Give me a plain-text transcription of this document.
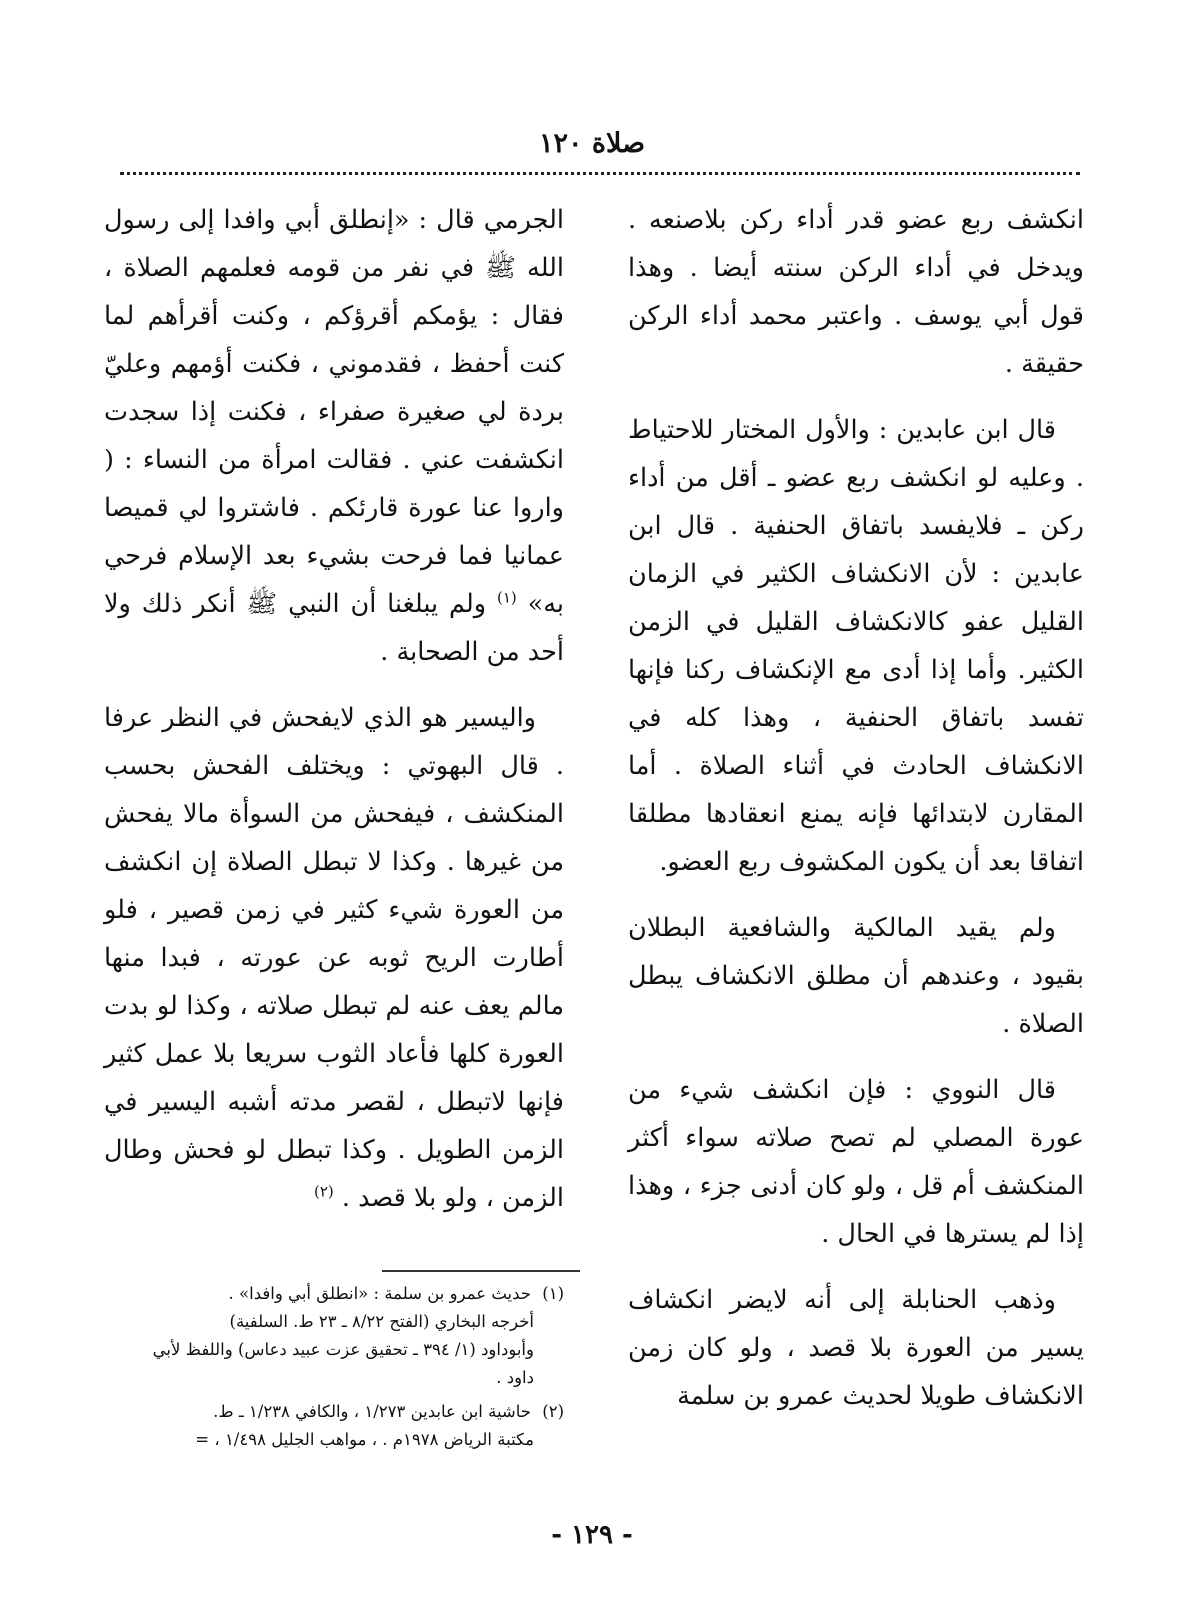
صلاة ١٢٠

انكشف ربع عضو قدر أداء ركن بلاصنعه . ويدخل في أداء الركن سنته أيضا . وهذا قول أبي يوسف . واعتبر محمد أداء الركن حقيقة .

قال ابن عابدين : والأول المختار للاحتياط . وعليه لو انكشف ربع عضو ـ أقل من أداء ركن ـ فلايفسد باتفاق الحنفية . قال ابن عابدين : لأن الانكشاف الكثير في الزمان القليل عفو كالانكشاف القليل في الزمن الكثير. وأما إذا أدى مع الإنكشاف ركنا فإنها تفسد باتفاق الحنفية ، وهذا كله في الانكشاف الحادث في أثناء الصلاة . أما المقارن لابتدائها فإنه يمنع انعقادها مطلقا اتفاقا بعد أن يكون المكشوف ربع العضو.

ولم يقيد المالكية والشافعية البطلان بقيود ، وعندهم أن مطلق الانكشاف يبطل الصلاة .

قال النووي : فإن انكشف شيء من عورة المصلي لم تصح صلاته سواء أكثر المنكشف أم قل ، ولو كان أدنى جزء ، وهذا إذا لم يسترها في الحال .

وذهب الحنابلة إلى أنه لايضر انكشاف يسير من العورة بلا قصد ، ولو كان زمن الانكشاف طويلا لحديث عمرو بن سلمة

الجرمي قال : «إنطلق أبي وافدا إلى رسول الله ﷺ في نفر من قومه فعلمهم الصلاة ، فقال : يؤمكم أقرؤكم ، وكنت أقرأهم لما كنت أحفظ ، فقدموني ، فكنت أؤمهم وعليّ بردة لي صغيرة صفراء ، فكنت إذا سجدت انكشفت عني . فقالت امرأة من النساء : ( واروا عنا عورة قارئكم . فاشتروا لي قميصا عمانيا فما فرحت بشيء بعد الإسلام فرحي به» $^{(١)}$ ولم يبلغنا أن النبي ﷺ أنكر ذلك ولا أحد من الصحابة .

واليسير هو الذي لايفحش في النظر عرفا . قال البهوتي : ويختلف الفحش بحسب المنكشف ، فيفحش من السوأة مالا يفحش من غيرها . وكذا لا تبطل الصلاة إن انكشف من العورة شيء كثير في زمن قصير ، فلو أطارت الريح ثوبه عن عورته ، فبدا منها مالم يعف عنه لم تبطل صلاته ، وكذا لو بدت العورة كلها فأعاد الثوب سريعا بلا عمل كثير فإنها لاتبطل ، لقصر مدته أشبه اليسير في الزمن الطويل . وكذا تبطل لو فحش وطال الزمن ، ولو بلا قصد . $^{(٢)}$

(١) حديث عمرو بن سلمة : «انطلق أبي وافدا» .
أخرجه البخاري (الفتح ٨/٢٢ ـ ٢٣ ط. السلفية)
وأبوداود (١/ ٣٩٤ ـ تحقيق عزت عبيد دعاس) واللفظ لأبي
داود .
(٢) حاشية ابن عابدين ١/٢٧٣ ، والكافي ١/٢٣٨ ـ ط.
مكتبة الرياض ١٩٧٨م . ، مواهب الجليل ١/٤٩٨ ، =
- ١٢٩ -
